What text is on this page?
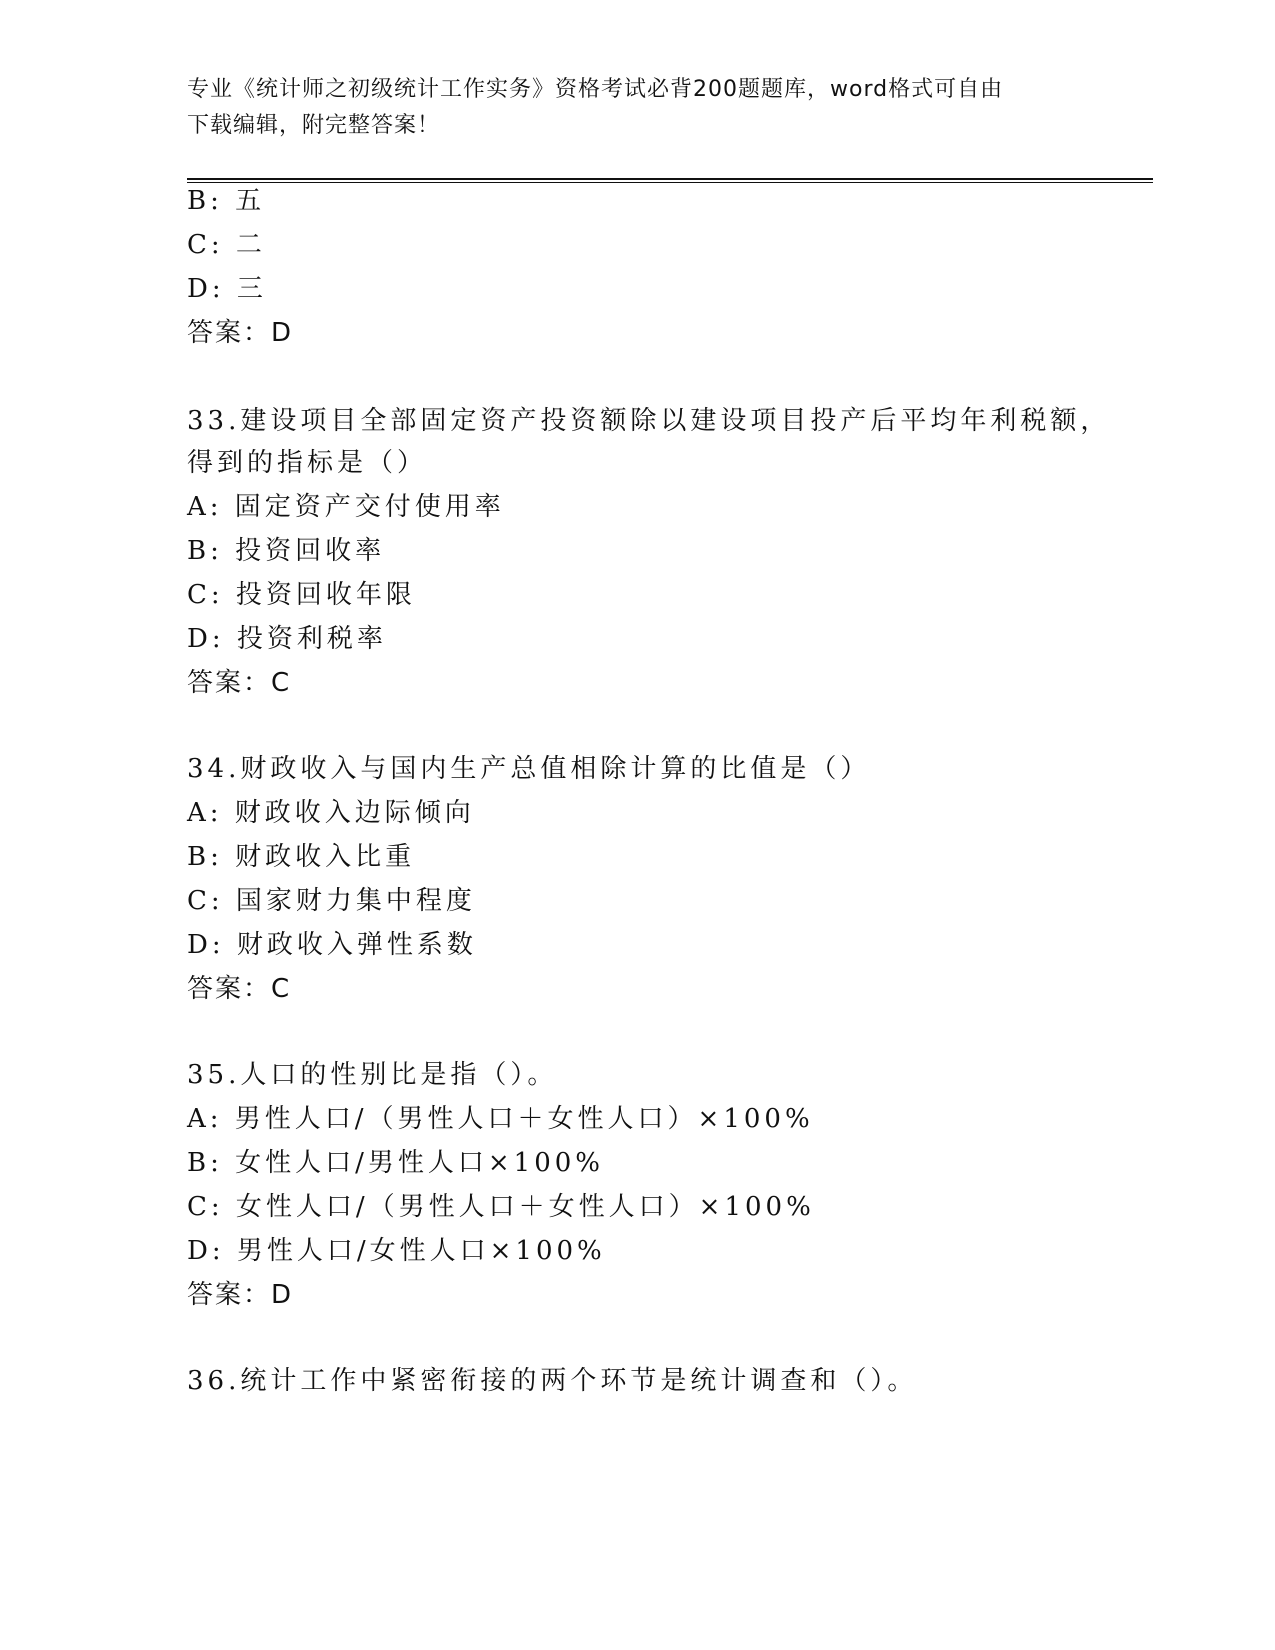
专业《统计师之初级统计工作实务》资格考试必背200题题库，word格式可自由
下载编辑，附完整答案！
B: 五
C: 二
D: 三
答案：D
33.建设项目全部固定资产投资额除以建设项目投产后平均年利税额，
得到的指标是（）
A: 固定资产交付使用率
B: 投资回收率
C: 投资回收年限
D: 投资利税率
答案：C
34.财政收入与国内生产总值相除计算的比值是（）
A: 财政收入边际倾向
B: 财政收入比重
C: 国家财力集中程度
D: 财政收入弹性系数
答案：C
35.人口的性别比是指（）。
A: 男性人口/（男性人口＋女性人口）×100%
B: 女性人口/男性人口×100%
C: 女性人口/（男性人口＋女性人口）×100%
D: 男性人口/女性人口×100%
答案：D
36.统计工作中紧密衔接的两个环节是统计调查和（）。
